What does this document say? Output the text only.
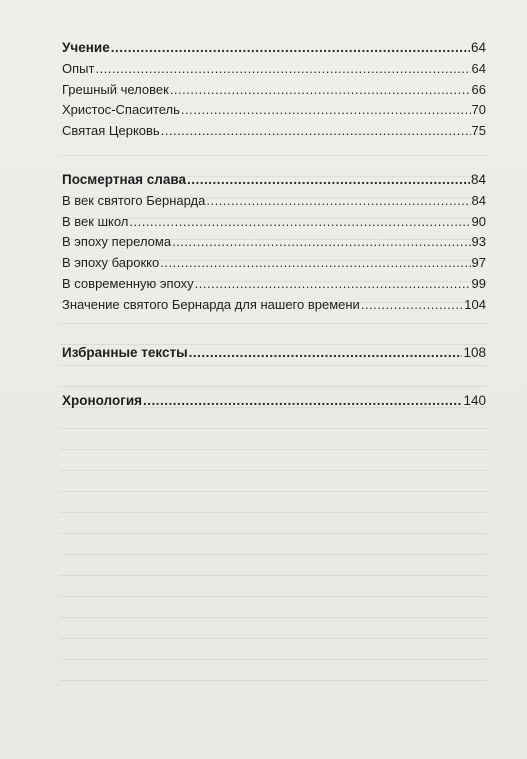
Учение .....	64
Опыт .....	64
Грешный человек .....	66
Христос-Спаситель .....	70
Святая Церковь .....	75
Посмертная слава .....	84
В век святого Бернарда .....	84
В век школ .....	90
В эпоху перелома .....	93
В эпоху барокко .....	97
В современную эпоху .....	99
Значение святого Бернарда для нашего времени .....	104
Избранные тексты .....	108
Хронология .....	140
